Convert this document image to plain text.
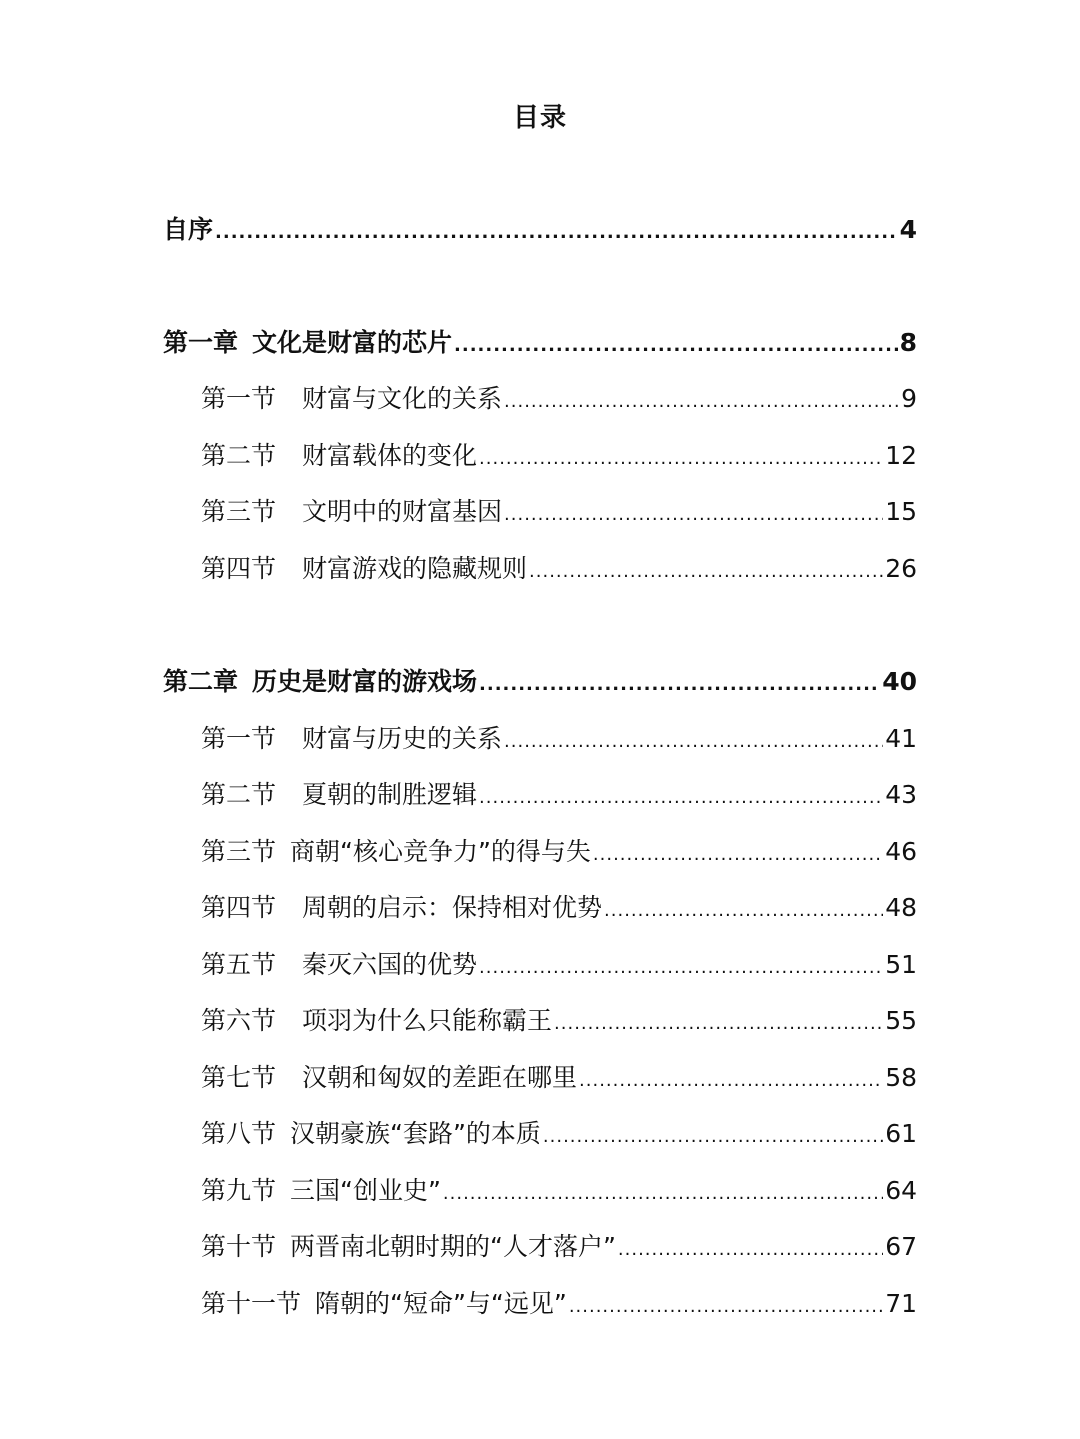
目录
自序 .....	4
第一章 文化是财富的芯片 .....	8
第一节 财富与文化的关系 .....	9
第二节 财富载体的变化 .....	12
第三节 文明中的财富基因 .....	15
第四节 财富游戏的隐藏规则 .....	26
第二章 历史是财富的游戏场 .....	40
第一节 财富与历史的关系 .....	41
第二节 夏朝的制胜逻辑 .....	43
第三节 商朝“核心竞争力”的得与失 .....	46
第四节 周朝的启示：保持相对优势 .....	48
第五节 秦灭六国的优势 .....	51
第六节 项羽为什么只能称霸王 .....	55
第七节 汉朝和匈奴的差距在哪里 .....	58
第八节 汉朝豪族“套路”的本质 .....	61
第九节 三国“创业史” .....	64
第十节 两晋南北朝时期的“人才落户” .....	67
第十一节 隋朝的“短命”与“远见” .....	71
